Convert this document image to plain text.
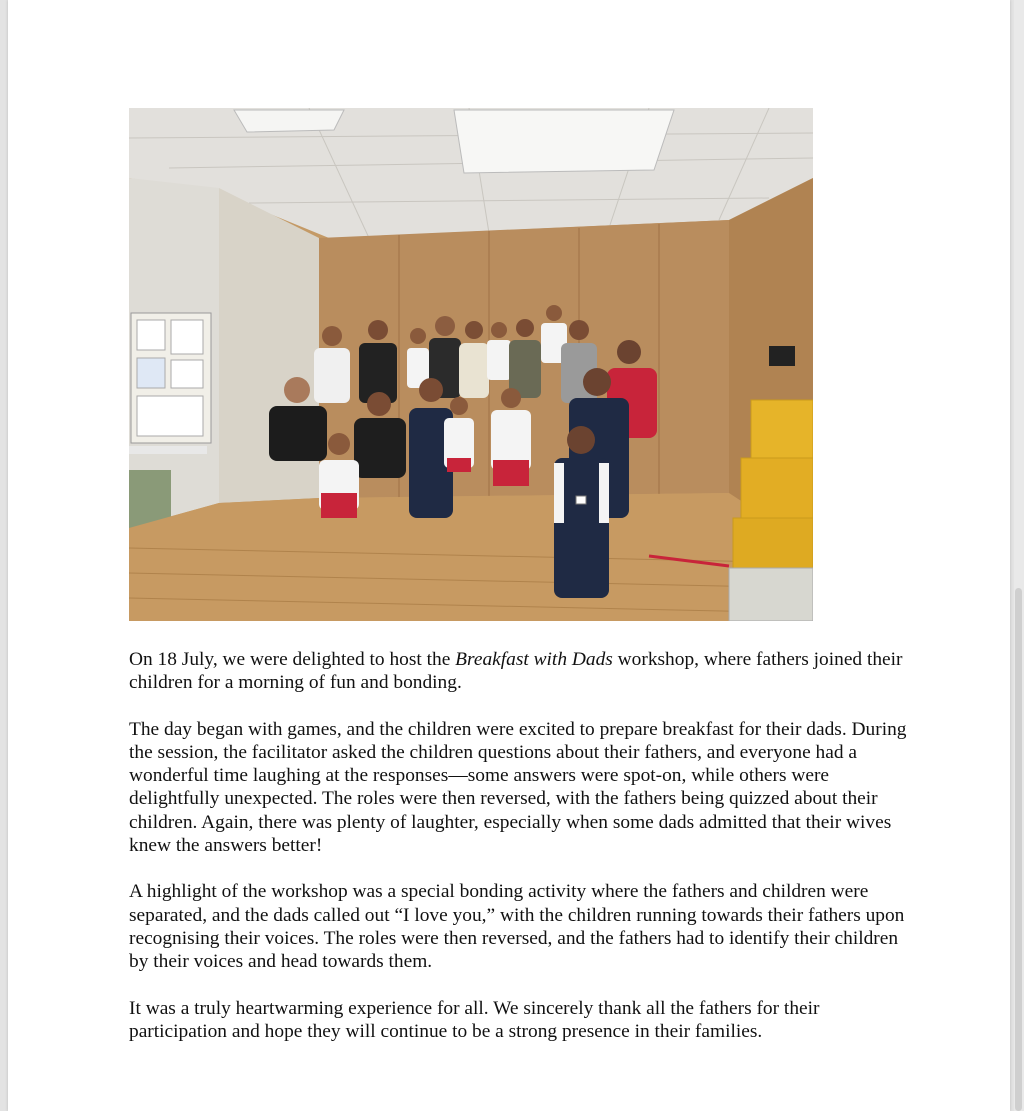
On 18 July, we were delighted to host the Breakfast with Dads workshop, where fathers joined their children for a morning of fun and bonding.

The day began with games, and the children were excited to prepare breakfast for their dads. During the session, the facilitator asked the children questions about their fathers, and everyone had a wonderful time laughing at the responses—some answers were spot-on, while others were delightfully unexpected. The roles were then reversed, with the fathers being quizzed about their children. Again, there was plenty of laughter, especially when some dads admitted that their wives knew the answers better!

A highlight of the workshop was a special bonding activity where the fathers and children were separated, and the dads called out “I love you,” with the children running towards their fathers upon recognising their voices. The roles were then reversed, and the fathers had to identify their children by their voices and head towards them.

It was a truly heartwarming experience for all. We sincerely thank all the fathers for their participation and hope they will continue to be a strong presence in their families.
